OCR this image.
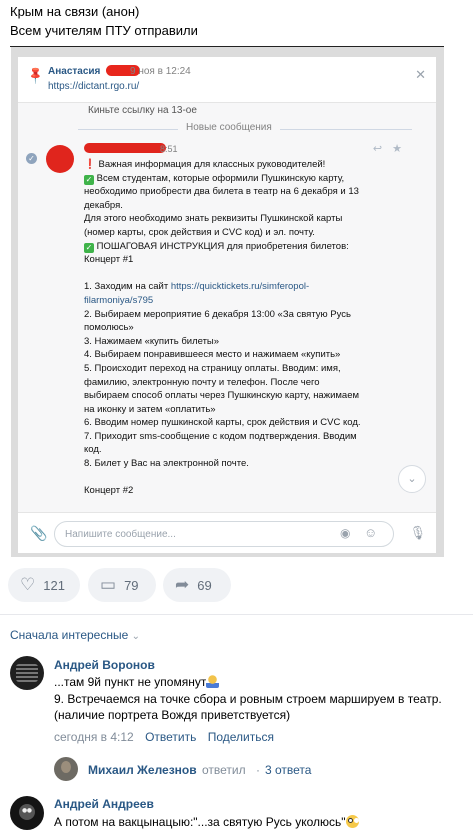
Крым на связи (анон)
Всем учителям ПТУ отправили
📌 Анастасия	9 ноя в 12:24
https://dictant.rgo.ru/
✕
Киньте ссылку на 13-ое
Новые сообщения
✓
8:51	↩★

❗ Важная информация для классных руководителей!

✓ Всем студентам, которые оформили Пушкинскую карту,

необходимо приобрести два билета в театр на 6 декабря и 13

декабря.

Для этого необходимо знать реквизиты Пушкинской карты

(номер карты, срок действия и CVC код) и эл. почту.

✓ ПОШАГОВАЯ ИНСТРУКЦИЯ для приобретения билетов:

Концерт #1

1. Заходим на сайт https://quicktickets.ru/simferopol-

filarmoniya/s795

2. Выбираем мероприятие 6 декабря 13:00 «За святую Русь

помолюсь»

3. Нажимаем «купить билеты»

4. Выбираем понравившееся место и нажимаем «купить»

5. Происходит переход на страницу оплаты. Вводим: имя,

фамилию, электронную почту и телефон. После чего

выбираем способ оплаты через Пушкинскую карту, нажимаем

на иконку и затем «оплатить»

6. Вводим номер пушкинской карты, срок действия и CVC код.

7. Приходит sms-сообщение с кодом подтверждения. Вводим

код.

8. Билет у Вас на электронной почте.

Концерт #2

⌄
📎
Напишите сообщение...	◉ ☺ 🎙
♡ 121 ▭ 79 ➦ 69
Сначала интересные ⌄
Андрей Воронов
...там 9й пункт не упомянут
9. Встречаемся на точке сбора и ровным строем маршируем в театр.
(наличие портрета Вождя приветствуется)
сегодня в 4:12 Ответить Поделиться
Михаил Железнов ответил · 3 ответа
Андрей Андреев
А потом на вакцынацыю:"...за святую Русь уколюсь"
